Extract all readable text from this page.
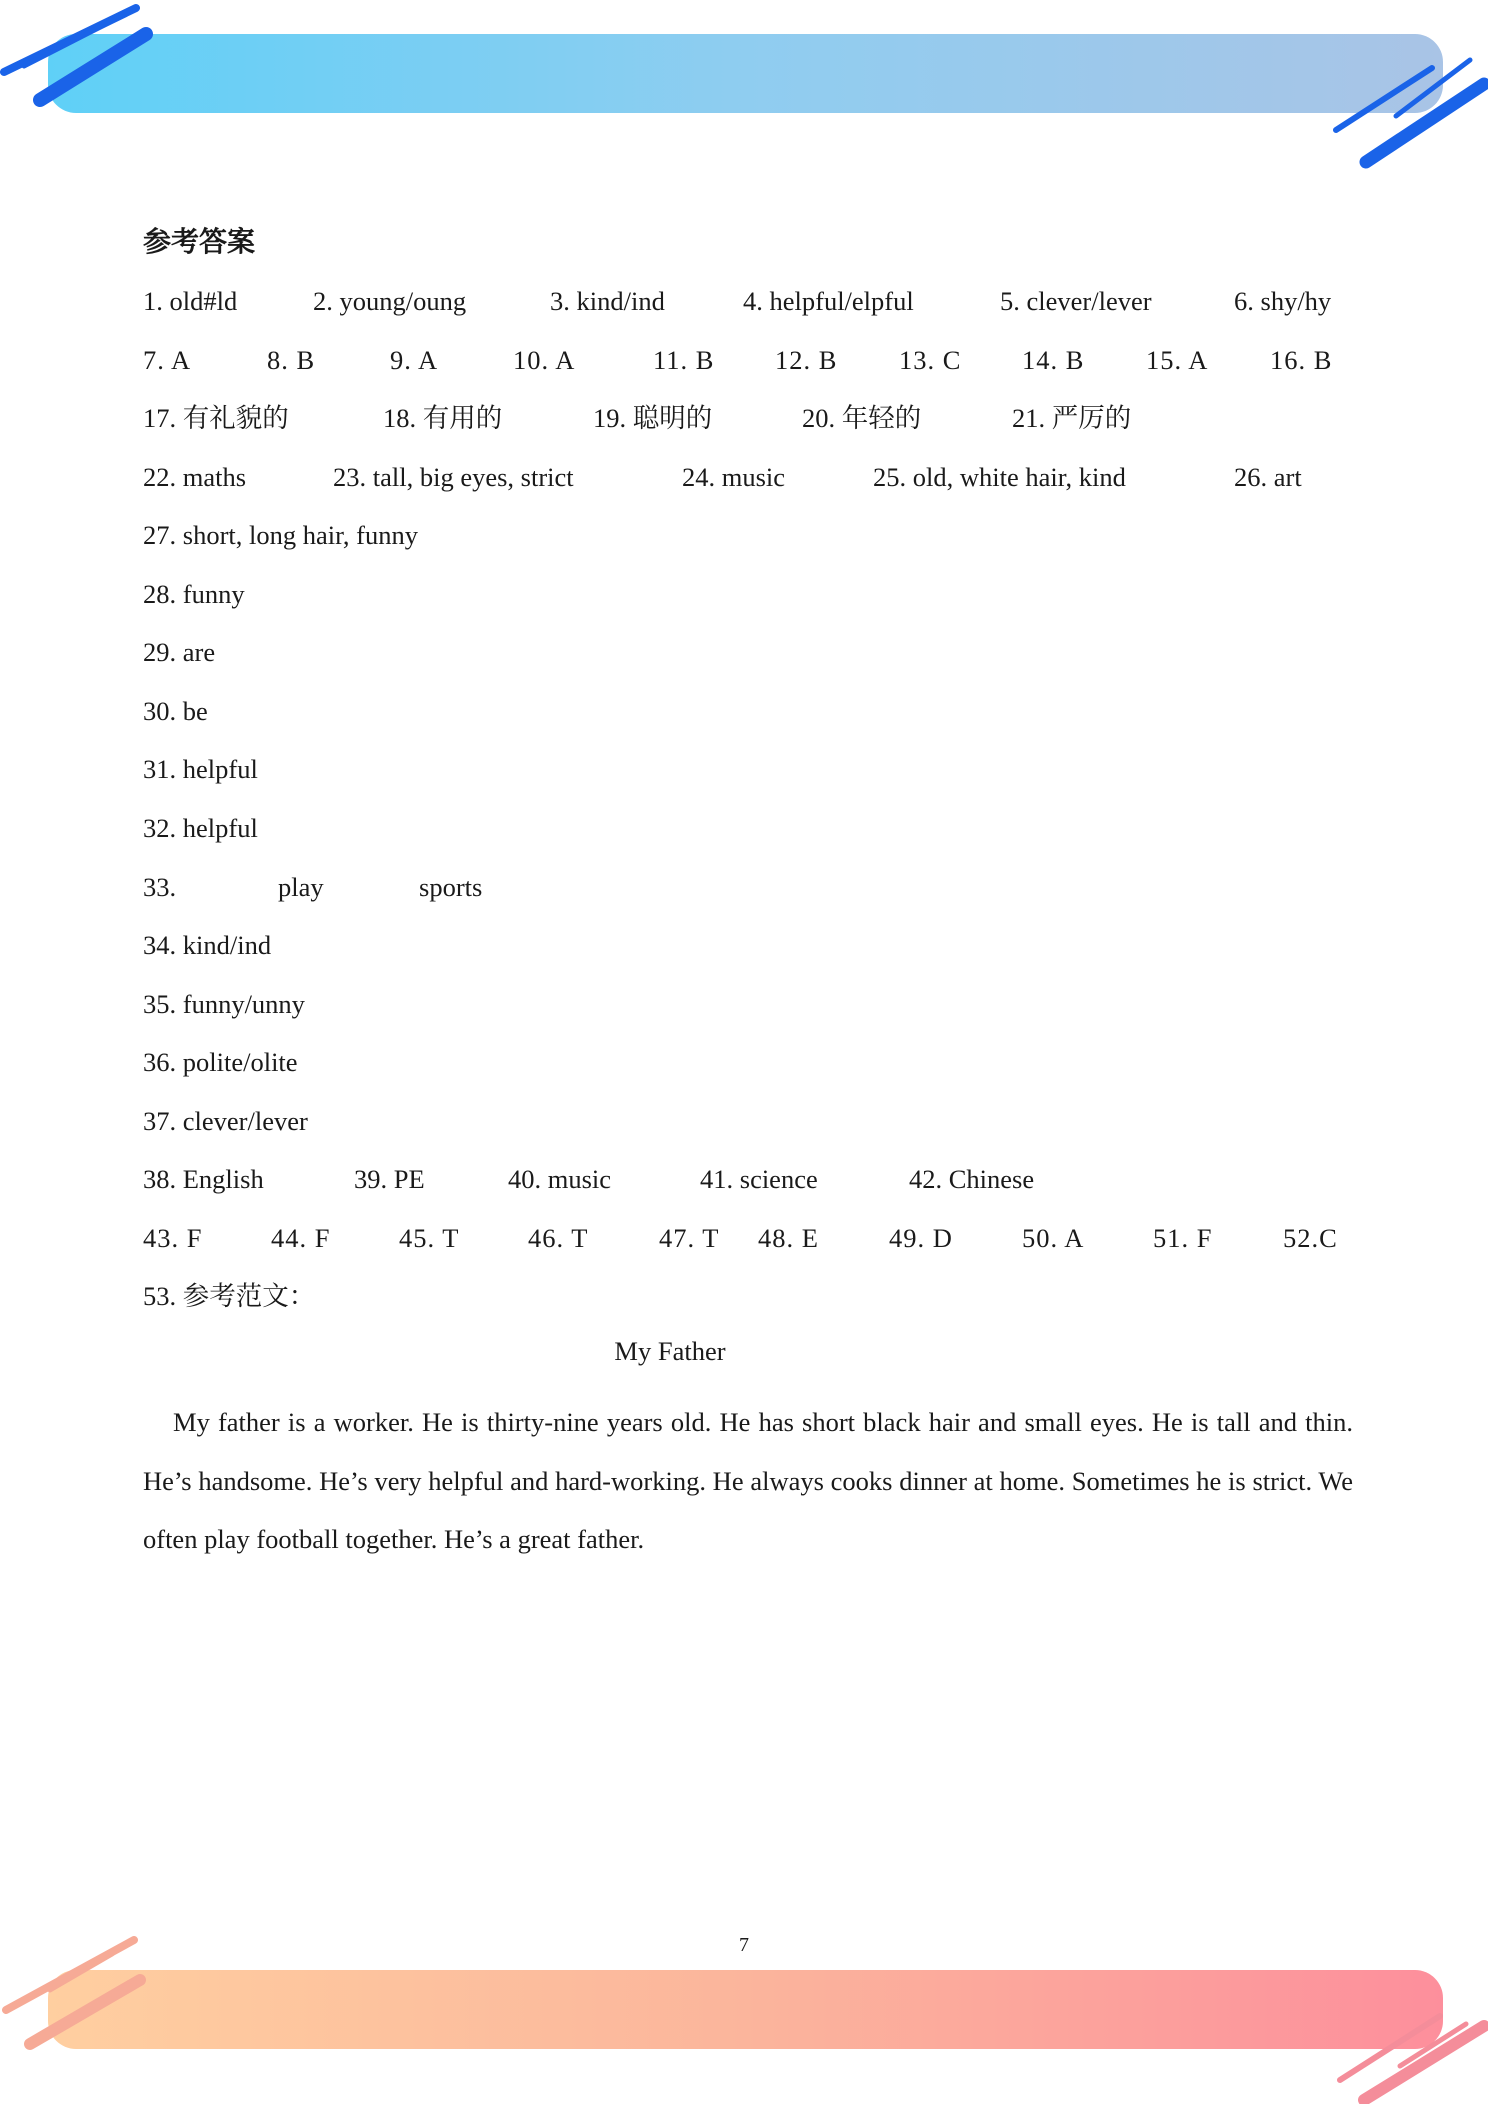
参考答案
1. old#ld	2. young/oung	3. kind/ind	4. helpful/elpful	5. clever/lever	6. shy/hy
7. A	8. B	9. A	10. A	11. B 12. B 13. C 14. B 15. A 16. B
17. 有礼貌的	18. 有用的	19. 聪明的	20. 年轻的	21. 严厉的
22. maths	23. tall, big eyes, strict	24. music	25. old, white hair, kind	26. art
27. short, long hair, funny
28. funny
29. are
30. be
31. helpful
32. helpful
33.	play	sports
34. kind/ind
35. funny/unny
36. polite/olite
37. clever/lever
38. English	39. PE	40. music	41. science	42. Chinese
43. F	44. F	45. T	46. T	47. T 48. E	49. D	50. A	51. F	52.C
53. 参考范文：
My Father

My father is a worker. He is thirty-nine years old. He has short black hair and small eyes. He is tall and thin. He’s handsome. He’s very helpful and hard-working. He always cooks dinner at home. Sometimes he is strict. We often play football together. He’s a great father.

7
